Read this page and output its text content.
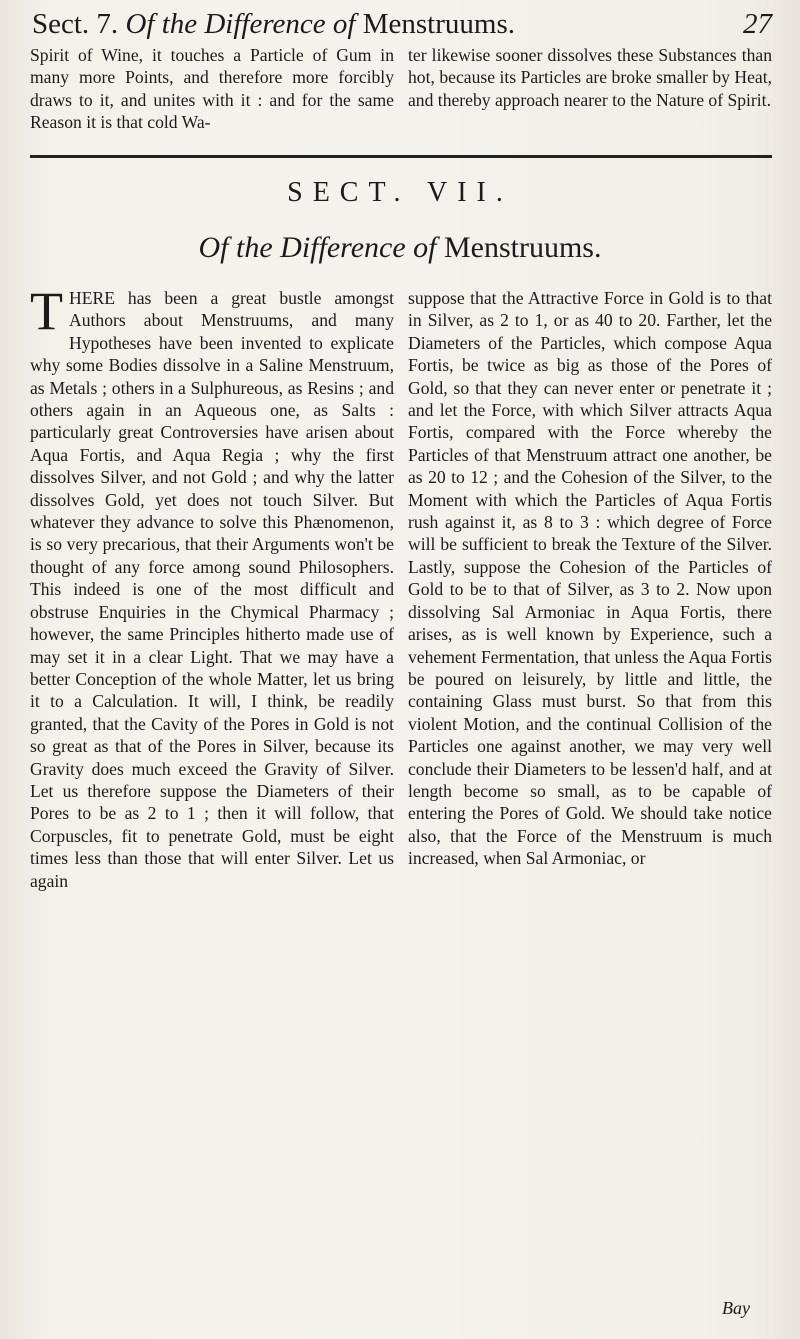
Sect. 7. Of the Difference of Menstruums.	27

Spirit of Wine, it touches a Particle of Gum in many more Points, and therefore more forcibly draws to it, and unites with it : and for the same Reason it is that cold Wa-

ter likewise sooner dissolves these Substances than hot, because its Particles are broke smaller by Heat, and thereby approach nearer to the Nature of Spirit.

SECT. VII.
Of the Difference of Menstruums.
T HERE has been a great bustle amongst Authors about Menstruums, and many Hypotheses have been invented to explicate why some Bodies dissolve in a Saline Menstruum, as Metals ; others in a Sulphureous, as Resins ; and others again in an Aqueous one, as Salts : particularly great Controversies have arisen about Aqua Fortis, and Aqua Regia ; why the first dissolves Silver, and not Gold ; and why the latter dissolves Gold, yet does not touch Silver. But whatever they advance to solve this Phænomenon, is so very precarious, that their Arguments won't be thought of any force among sound Philosophers. This indeed is one of the most difficult and obstruse Enquiries in the Chymical Pharmacy ; however, the same Principles hitherto made use of may set it in a clear Light. That we may have a better Conception of the whole Matter, let us bring it to a Calculation. It will, I think, be readily granted, that the Cavity of the Pores in Gold is not so great as that of the Pores in Silver, because its Gravity does much exceed the Gravity of Silver. Let us therefore suppose the Diameters of their Pores to be as 2 to 1 ; then it will follow, that Corpuscles, fit to penetrate Gold, must be eight times less than those that will enter Silver. Let us again

suppose that the Attractive Force in Gold is to that in Silver, as 2 to 1, or as 40 to 20. Farther, let the Diameters of the Particles, which compose Aqua Fortis, be twice as big as those of the Pores of Gold, so that they can never enter or penetrate it ; and let the Force, with which Silver attracts Aqua Fortis, compared with the Force whereby the Particles of that Menstruum attract one another, be as 20 to 12 ; and the Cohesion of the Silver, to the Moment with which the Particles of Aqua Fortis rush against it, as 8 to 3 : which degree of Force will be sufficient to break the Texture of the Silver. Lastly, suppose the Cohesion of the Particles of Gold to be to that of Silver, as 3 to 2. Now upon dissolving Sal Armoniac in Aqua Fortis, there arises, as is well known by Experience, such a vehement Fermentation, that unless the Aqua Fortis be poured on leisurely, by little and little, the containing Glass must burst. So that from this violent Motion, and the continual Collision of the Particles one against another, we may very well conclude their Diameters to be lessen'd half, and at length become so small, as to be capable of entering the Pores of Gold. We should take notice also, that the Force of the Menstruum is much increased, when Sal Armoniac, or

Bay
